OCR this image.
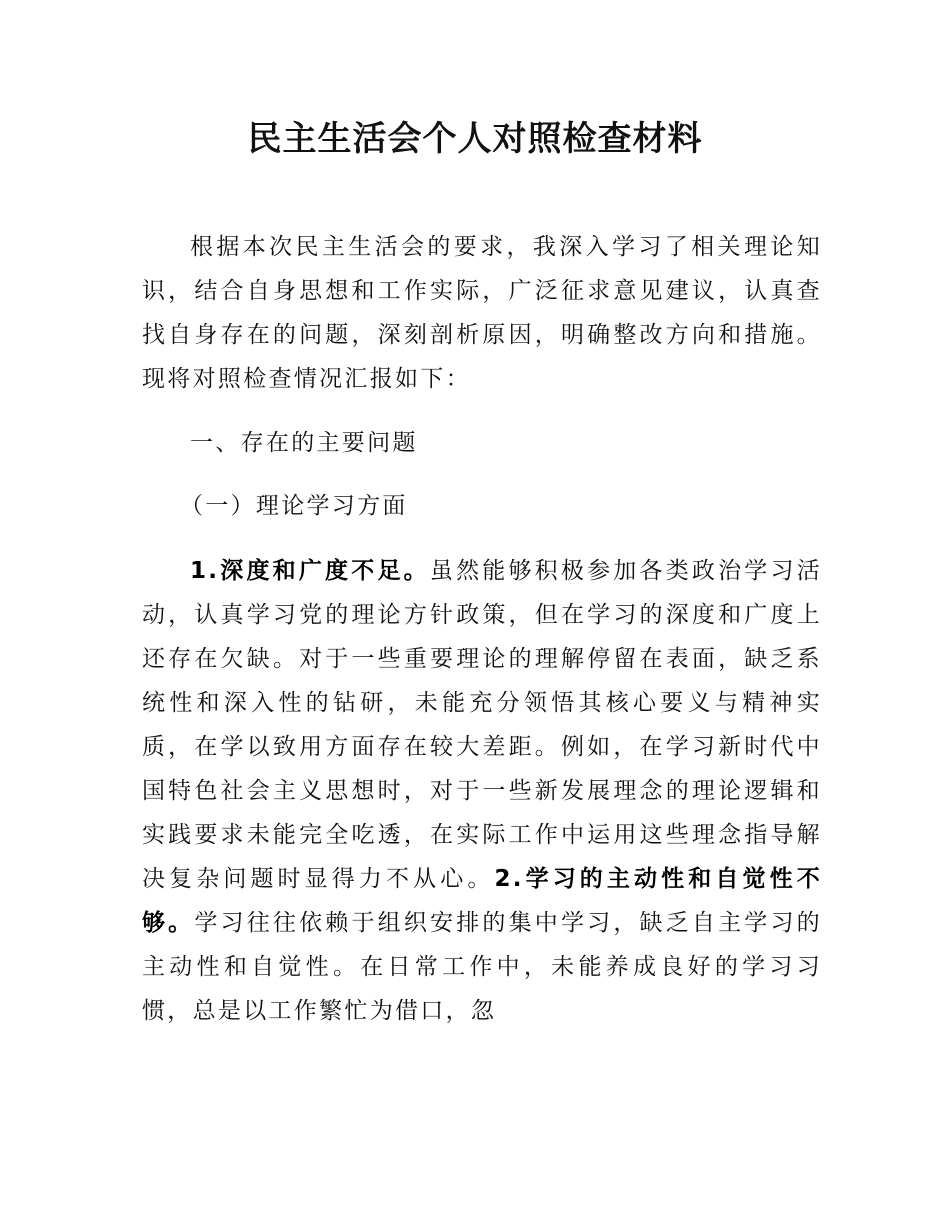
民主生活会个人对照检查材料

根据本次民主生活会的要求，我深入学习了相关理论知识，结合自身思想和工作实际，广泛征求意见建议，认真查找自身存在的问题，深刻剖析原因，明确整改方向和措施。现将对照检查情况汇报如下：

一、存在的主要问题

（一）理论学习方面

1.深度和广度不足。虽然能够积极参加各类政治学习活动，认真学习党的理论方针政策，但在学习的深度和广度上还存在欠缺。对于一些重要理论的理解停留在表面，缺乏系统性和深入性的钻研，未能充分领悟其核心要义与精神实质，在学以致用方面存在较大差距。例如，在学习新时代中国特色社会主义思想时，对于一些新发展理念的理论逻辑和实践要求未能完全吃透，在实际工作中运用这些理念指导解决复杂问题时显得力不从心。2.学习的主动性和自觉性不够。学习往往依赖于组织安排的集中学习，缺乏自主学习的主动性和自觉性。在日常工作中，未能养成良好的学习习惯，总是以工作繁忙为借口，忽
